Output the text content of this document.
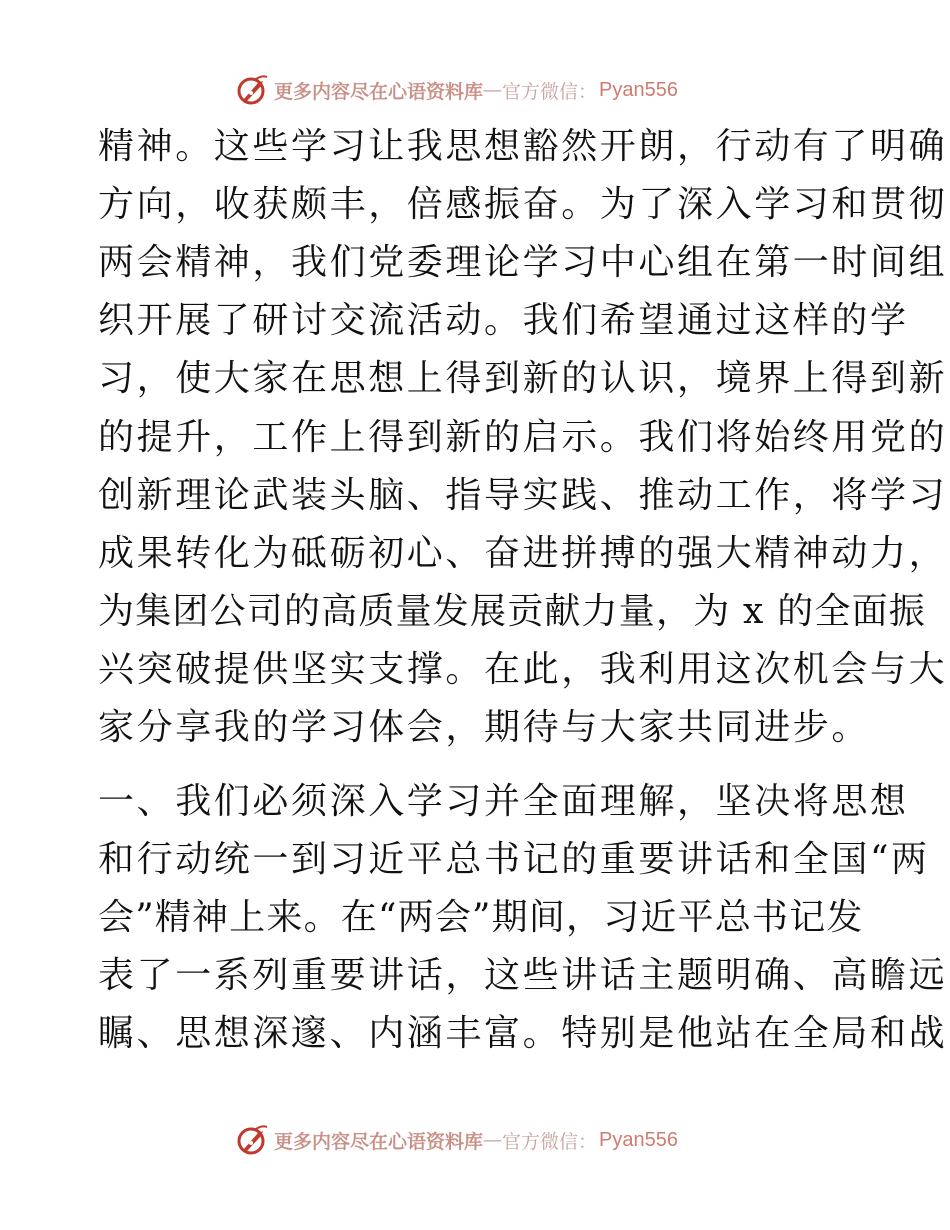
更多内容尽在心语资料库 — 官方微信： Pyan556
精神。这些学习让我思想豁然开朗，行动有了明确
方向，收获颇丰，倍感振奋。为了深入学习和贯彻
两会精神，我们党委理论学习中心组在第一时间组
织开展了研讨交流活动。我们希望通过这样的学
习，使大家在思想上得到新的认识，境界上得到新
的提升，工作上得到新的启示。我们将始终用党的
创新理论武装头脑、指导实践、推动工作，将学习
成果转化为砥砺初心、奋进拼搏的强大精神动力，
为集团公司的高质量发展贡献力量，为 x 的全面振
兴突破提供坚实支撑。在此，我利用这次机会与大
家分享我的学习体会，期待与大家共同进步。
一、我们必须深入学习并全面理解，坚决将思想
和行动统一到习近平总书记的重要讲话和全国“两
会”精神上来。在“两会”期间，习近平总书记发
表了一系列重要讲话，这些讲话主题明确、高瞻远
瞩、思想深邃、内涵丰富。特别是他站在全局和战
更多内容尽在心语资料库 — 官方微信： Pyan556
